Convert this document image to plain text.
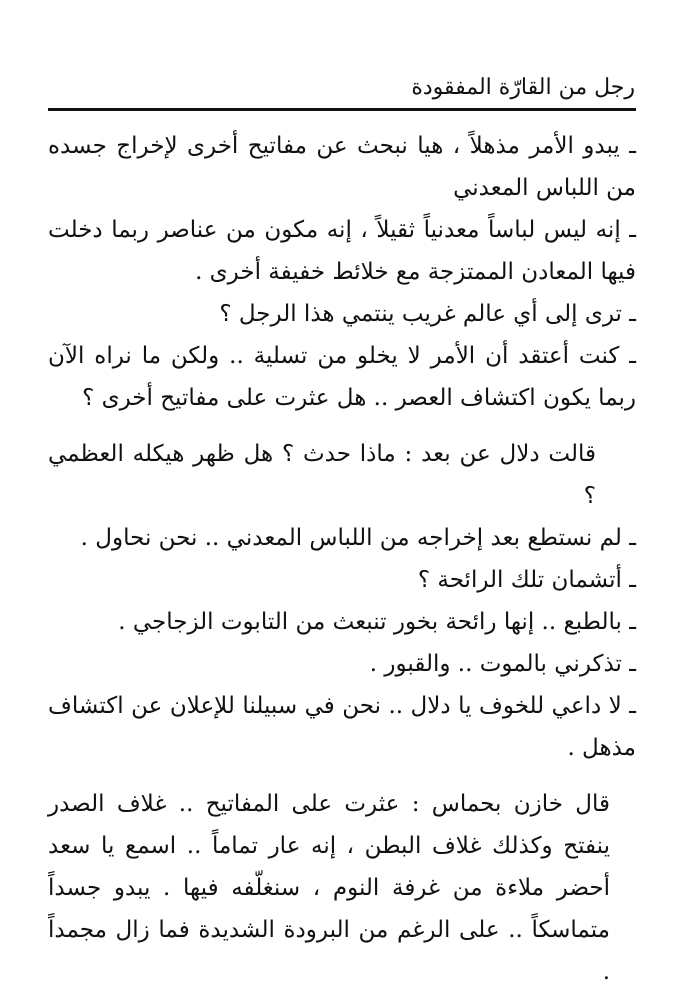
رجل من القارّة المفقودة

ـ يبدو الأمر مذهلاً ، هيا نبحث عن مفاتيح أخرى لإخراج جسده من اللباس المعدني

ـ إنه ليس لباساً معدنياً ثقيلاً ، إنه مكون من عناصر ربما دخلت فيها المعادن الممتزجة مع خلائط خفيفة أخرى .

ـ ترى إلى أي عالم غريب ينتمي هذا الرجل ؟

ـ كنت أعتقد أن الأمر لا يخلو من تسلية .. ولكن ما نراه الآن ربما يكون اكتشاف العصر .. هل عثرت على مفاتيح أخرى ؟

قالت دلال عن بعد : ماذا حدث ؟ هل ظهر هيكله العظمي ؟

ـ لم نستطع بعد إخراجه من اللباس المعدني .. نحن نحاول .

ـ أتشمان تلك الرائحة ؟

ـ بالطبع .. إنها رائحة بخور تنبعث من التابوت الزجاجي .

ـ تذكرني بالموت .. والقبور .

ـ لا داعي للخوف يا دلال .. نحن في سبيلنا للإعلان عن اكتشاف مذهل .

قال خازن بحماس : عثرت على المفاتيح .. غلاف الصدر ينفتح وكذلك غلاف البطن ، إنه عار تماماً .. اسمع يا سعد أحضر ملاءة من غرفة النوم ، سنغلّفه فيها . يبدو جسداً متماسكاً .. على الرغم من البرودة الشديدة فما زال مجمداً .
